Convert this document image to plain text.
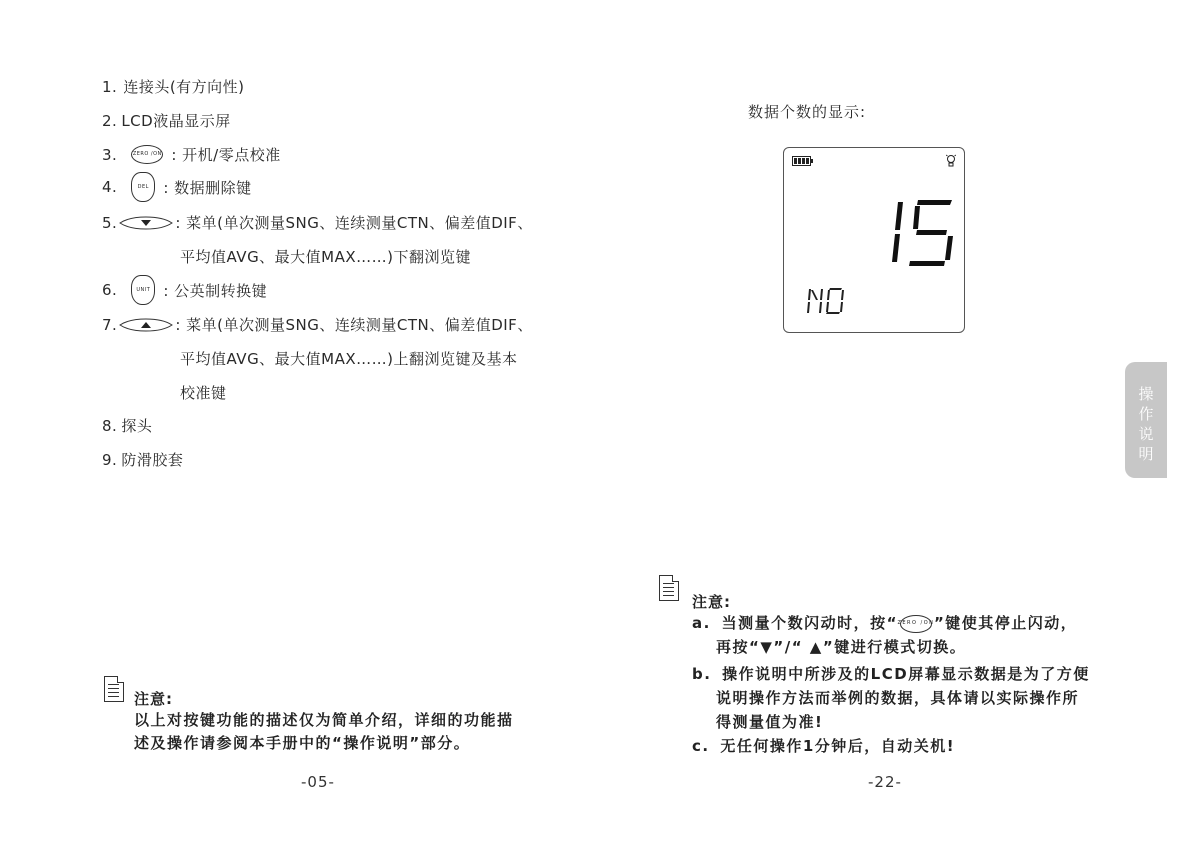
1. 连接头(有方向性)
2. LCD液晶显示屏
3.	ZERO /ON : 开机/零点校准
4.	DEL : 数据删除键
5.	: 菜单(单次测量SNG、连续测量CTN、偏差值DIF、
平均值AVG、最大值MAX……)下翻浏览键
6.	UNIT : 公英制转换键
7.	: 菜单(单次测量SNG、连续测量CTN、偏差值DIF、
平均值AVG、最大值MAX……)上翻浏览键及基本
校准键
8. 探头
9. 防滑胶套
注意:
以上对按键功能的描述仅为简单介绍，详细的功能描
述及操作请参阅本手册中的“操作说明”部分。
-05-
数据个数的显示:
注意:
a. 当测量个数闪动时，按“ZERO /ON”键使其停止闪动，
再按“▼”/“ ▲”键进行模式切换。
b. 操作说明中所涉及的LCD屏幕显示数据是为了方便
说明操作方法而举例的数据，具体请以实际操作所
得测量值为准!
c. 无任何操作1分钟后，自动关机!
-22-
操
作
说
明
